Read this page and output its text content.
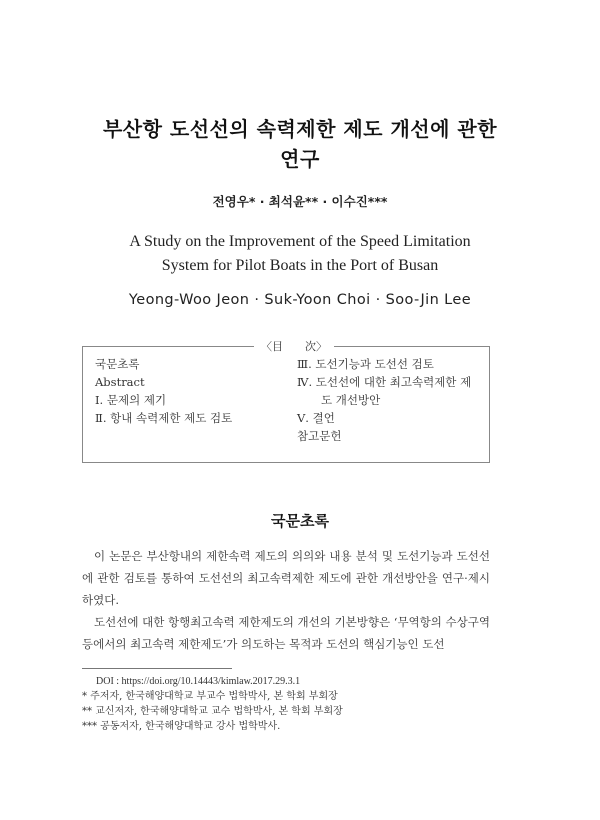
부산항 도선선의 속력제한 제도 개선에 관한
연구
전영우* · 최석윤** · 이수진***
A Study on the Improvement of the Speed Limitation
System for Pilot Boats in the Port of Busan
Yeong-Woo Jeon · Suk-Yoon Choi · Soo-Jin Lee
〈目　　次〉
국문초록
Abstract
Ⅰ. 문제의 제기
Ⅱ. 항내 속력제한 제도 검토
Ⅲ. 도선기능과 도선선 검토
Ⅳ. 도선선에 대한 최고속력제한 제
도 개선방안
Ⅴ. 결언
참고문헌
국문초록
이 논문은 부산항내의 제한속력 제도의 의의와 내용 분석 및 도선기능과 도선선에 관한 검토를 통하여 도선선의 최고속력제한 제도에 관한 개선방안을 연구·제시하였다.
도선선에 대한 항행최고속력 제한제도의 개선의 기본방향은 ‘무역항의 수상구역 등에서의 최고속력 제한제도’가 의도하는 목적과 도선의 핵심기능인 도선
DOI : https://doi.org/10.14443/kimlaw.2017.29.3.1
* 주저자, 한국해양대학교 부교수 법학박사, 본 학회 부회장
** 교신저자, 한국해양대학교 교수 법학박사, 본 학회 부회장
*** 공동저자, 한국해양대학교 강사 법학박사.
